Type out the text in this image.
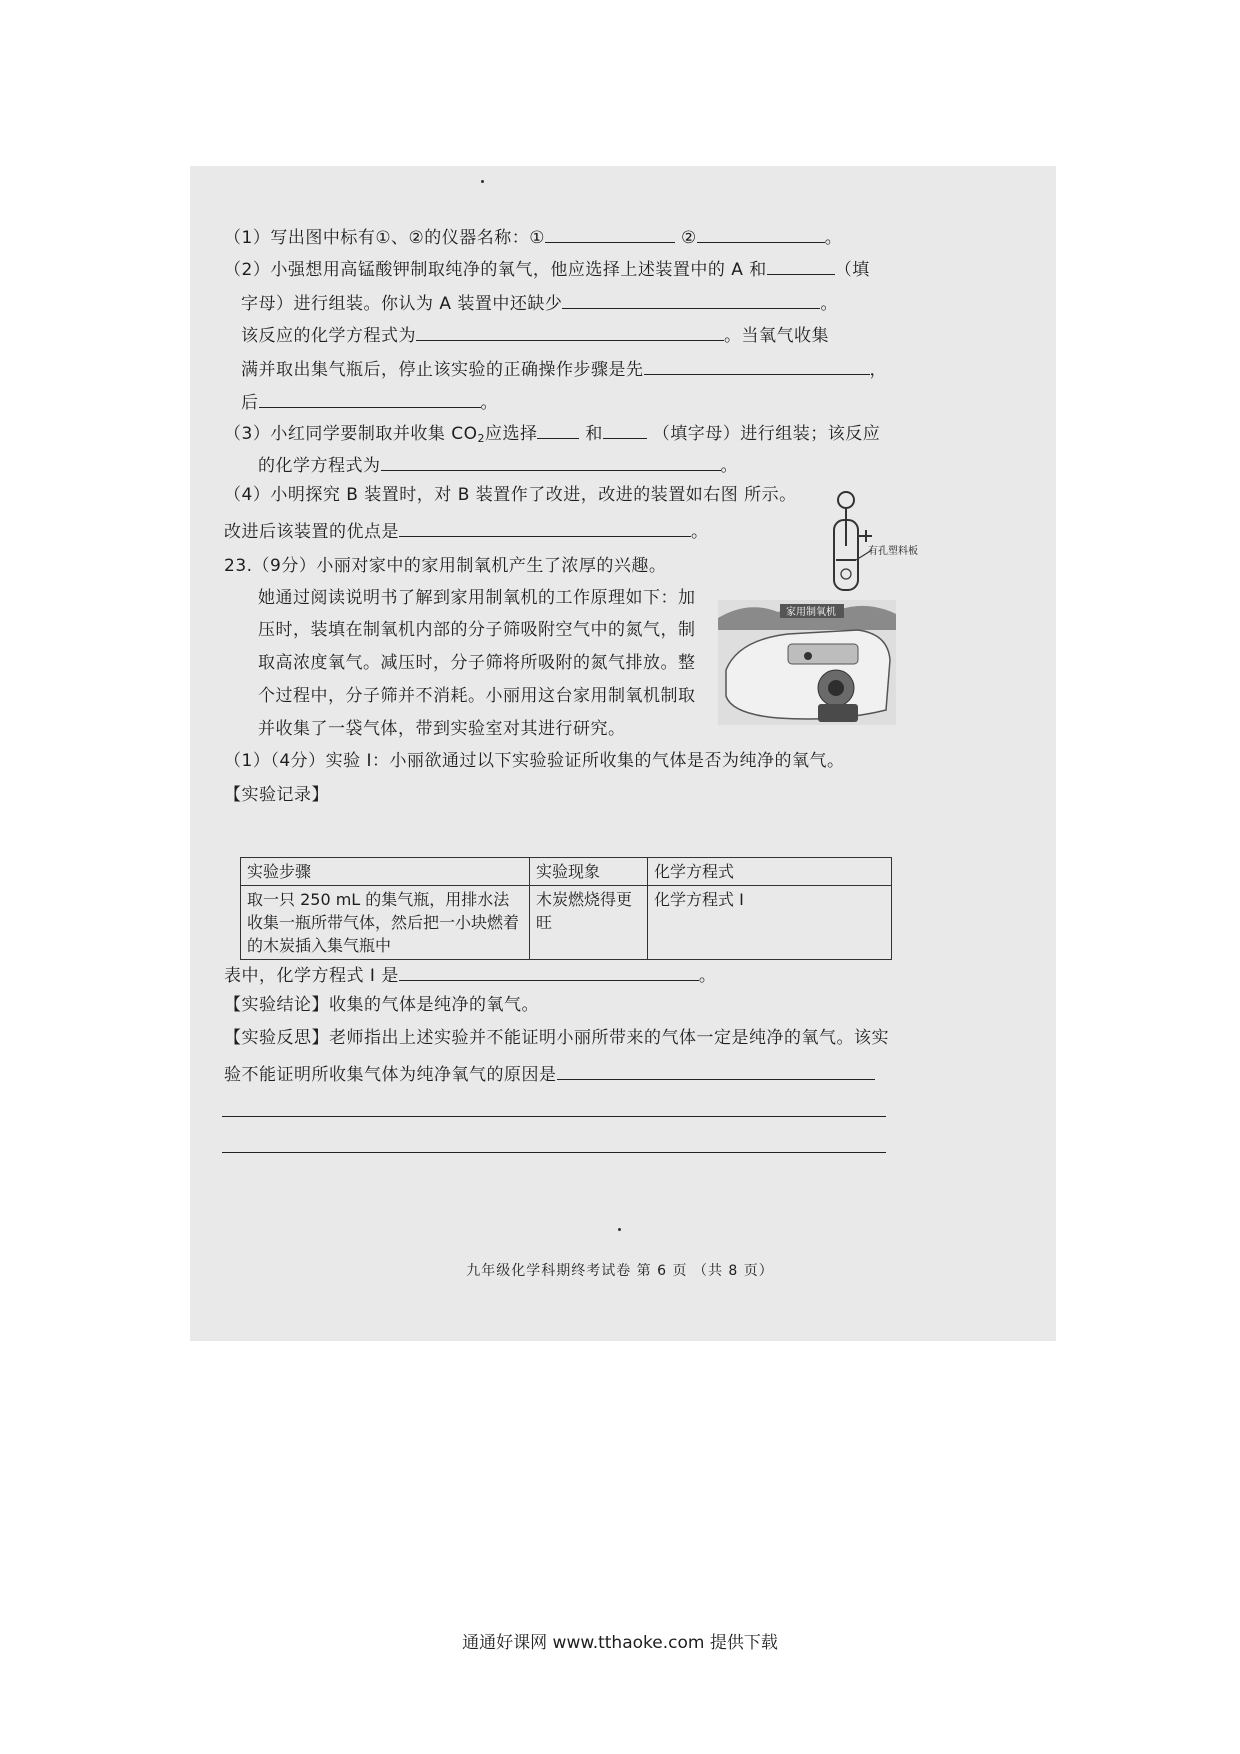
（1）写出图中标有①、②的仪器名称：①	②	。
（2）小强想用高锰酸钾制取纯净的氧气，他应选择上述装置中的 A 和	（填
字母）进行组装。你认为 A 装置中还缺少	。
该反应的化学方程式为	。当氧气收集
满并取出集气瓶后，停止该实验的正确操作步骤是先	，
后	。
（3）小红同学要制取并收集 $CO_2$应选择	和	（填字母）进行组装；该反应
的化学方程式为	。
（4）小明探究 B 装置时，对 B 装置作了改进，改进的装置如右图 所示。
改进后该装置的优点是	。
有孔塑料板
23.（9分）小丽对家中的家用制氧机产生了浓厚的兴趣。
她通过阅读说明书了解到家用制氧机的工作原理如下：加
压时，装填在制氧机内部的分子筛吸附空气中的氮气，制
取高浓度氧气。减压时，分子筛将所吸附的氮气排放。整
个过程中，分子筛并不消耗。小丽用这台家用制氧机制取
并收集了一袋气体，带到实验室对其进行研究。
家用制氧机
（1）（4分）实验 I：小丽欲通过以下实验验证所收集的气体是否为纯净的氧气。
【实验记录】
实验步骤	实验现象	化学方程式
取一只 250 mL 的集气瓶，用排水法收集一瓶所带气体，然后把一小块燃着的木炭插入集气瓶中	木炭燃烧得更旺	化学方程式 I
表中，化学方程式 I 是	。
【实验结论】收集的气体是纯净的氧气。
【实验反思】老师指出上述实验并不能证明小丽所带来的气体一定是纯净的氧气。该实
验不能证明所收集气体为纯净氧气的原因是
九年级化学科期终考试卷 第 6 页 （共 8 页）
通通好课网 www.tthaoke.com 提供下载
